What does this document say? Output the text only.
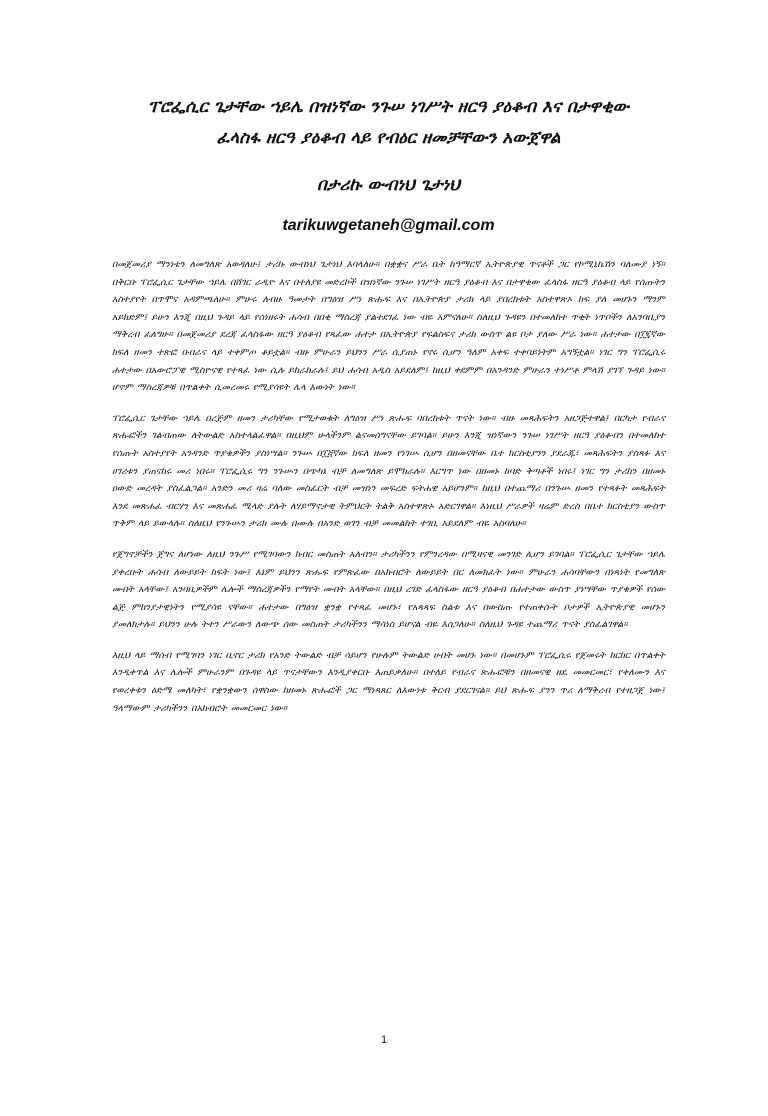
ፐሮፌሲር ጌታቸው ኀይሌ በዝነኛው ንጉሠ ነገሥት ዘርዓ ያዕቆብ እና በታዋቂው
ፈላስፋ ዘርዓ ያዕቆብ ላይ የብዕር ዘመቻቸውን አውጀዋል
በታሪኩ ውብነህ ጌታነህ
tarikuwgetaneh@gmail.com

በመጀመሪያ ማንነቴን ለመግለጽ አወዳለሁ፤ ታሪኩ ውብነህ ጌታነህ እባላለሁ። በቋቋና ሥራ ቤት ከዓማርኛ ኢትዮጵያዊ ጥናቶች ጋር የኮሚኒኬሽን ባለሙያ ነኝ። በቅርቡ ፐሮፌሲር ጌታቸው ኀይሌ በሸገር ራዲዮ እና በተለያዩ መድረኮች በዝነኛው ንጉሠ ነገሥት ዘርዓ ያዕቆብ እና በታዋቂው ፈላስፋ ዘርዓ ያዕቆብ ላይ የሰጡትን አስተያየት በጥሞና አዳምጫለሁ። ምሁሩ ለብዙ ዓመታት በግዕዝ ሥነ ጽሑፍ እና በኢትዮጵያ ታሪክ ላይ ያበረከቱት አስተዋጽኦ ከፍ ያለ መሆኑን ማንም አይክድም፤ ይሁን እንጂ በዚህ ጉዳይ ላይ የሰነዘሩት ሐሳብ በበቂ ማስረጃ ያልተደገፈ ነው ብዬ አምናለሁ። ስለዚህ ጉዳዩን በተመለከተ ጥቂት ነጥቦችን ለአንባቢያን ማቅረብ ፈለግሁ። በመጀመሪያ ደረጃ ፈላስፋው ዘርዓ ያዕቆብ የጻፈው ሐተታ በኢትዮጵያ የፍልስፍና ታሪክ ውስጥ ልዩ ቦታ ያለው ሥራ ነው። ሐተታው በ፲፯ኛው ክፍለ ዘመን ተጽፎ በብራና ላይ ተቀምጦ ቆይቷል። ብዙ ምሁራን ይህንን ሥራ ሲያጠኑ የኖሩ ሲሆን ዓለም አቀፍ ተቀባይነትም አግኝቷል። ነገር ግን ፐሮፌሲሩ ሐተታው በአውሮፓዊ ሚስዮናዊ የተጻፈ ነው ሲሉ ይከራከራሉ፤ ይህ ሐሳብ አዲስ አይደለም፤ ከዚህ ቀደምም በአንዳንድ ምሁራን ተነሥቶ ምላሽ ያገኘ ጉዳይ ነው። ሆኖም ማስረጃዎቹ በጥልቀት ሲመረመሩ የሚያሳዩት ሌላ እውነት ነው።

ፐሮፌሲር ጌታቸው ኀይሌ በረጅም ዘመን ታሪካቸው የሚታወቁት ለግዕዝ ሥነ ጽሑፍ ባበረከቱት ጥናት ነው። ብዙ መጻሕፍትን አዘጋጅተዋል፤ በርካታ የብራና ጽሑፎችን ገልብጠው ለትውልድ አስተላልፈዋል። በዚህም ሁላችንም ልናመሰግናቸው ይገባል። ይሁን እንጂ ዝነኛውን ንጉሠ ነገሥት ዘርዓ ያዕቆብን በተመለከተ የሰጡት አስተያየት አንዳንድ ጥያቄዎችን ያስነሣል። ንጉሡ በ፲፭ኛው ክፍለ ዘመን የነገሡ ሲሆን በዘመናቸው ቤተ ክርስቲያንን ያደራጁ፣ መጻሕፍትን ያስጻፉ እና ሀገሪቱን ያጠናከሩ መሪ ነበሩ። ፐሮፌሲሩ ግን ንጉሡን በጭካኔ ብቻ ለመግለጽ ይሞክራሉ። እርግጥ ነው በዘመኑ ከባድ ቅጣቶች ነበሩ፤ ነገር ግን ታሪክን በዘመኑ ዐውድ መረዳት ያስፈልጋል። አንድን መሪ ዛሬ ባለው መስፈርት ብቻ መዝነን መፍረድ ፍትሐዊ አይሆንም። ከዚህ በተጨማሪ በንጉሡ ዘመን የተጻፉት መጻሕፍት እንደ መጽሐፈ ብርሃን እና መጽሐፈ ሚላድ ያሉት ለሃይማኖታዊ ትምህርት ትልቅ አስተዋጽኦ አድርገዋል። እነዚህ ሥራዎች ዛሬም ድረስ በቤተ ክርስቲያን ውስጥ ጥቅም ላይ ይውላሉ። ስለዚህ የንጉሡን ታሪክ ሙሉ በሙሉ በአንድ ወገን ብቻ መመልከት ተገቢ አይደለም ብዬ አስባለሁ።

የጀግኖቻችን ጀግና ለሆነው ለዚህ ንጉሥ የሚገባውን ክብር መስጠት አለብን። ታሪካችንን የምንረዳው በሚዛናዊ መንገድ ሊሆን ይገባል። ፐሮፌሲር ጌታቸው ኀይሌ ያቀረቡት ሐሳብ ለውይይት ክፍት ነው፤ እኔም ይህንን ጽሑፍ የምጽፈው በአክብሮት ለውይይት በር ለመክፈት ነው። ምሁራን ሐሳባቸውን በነጻነት የመግለጽ መብት አላቸው፤ አንባቢዎችም ሌሎች ማስረጃዎችን የማየት መብት አላቸው። በዚህ ረገድ ፈላስፋው ዘርዓ ያዕቆብ በሐተታው ውስጥ ያነሣቸው ጥያቄዎች የሰው ልጅ ምክንያታዊነትን የሚያሳዩ ናቸው። ሐተታው በግዕዝ ቋንቋ የተጻፈ መሆኑ፣ የአጻጻፍ ስልቱ እና በውስጡ የተጠቀሱት ቦታዎች ኢትዮጵያዊ መሆኑን ያመለክታሉ። ይህንን ሁሉ ትተን ሥራውን ለውጭ ሰው መስጠት ታሪካችንን ማሳነስ ይሆናል ብዬ እሰጋለሁ። ስለዚህ ጉዳዩ ተጨማሪ ጥናት ያስፈልገዋል።

እዚህ ላይ ማሰብ የሚገባን ነገር ቢኖር ታሪክ የአንድ ትውልድ ብቻ ሳይሆን የሁሉም ትውልድ ሀብት መሆኑ ነው። በመሆኑም ፐሮፌሲሩ የጀመሩት ክርክር በጥልቀት እንዲቀጥል እና ሌሎች ምሁራንም በጉዳዩ ላይ ጥናታቸውን እንዲያቀርቡ እጠይቃለሁ። በተለይ የብራና ጽሑፎቹን በዘመናዊ ዘዴ መመርመር፣ የቀለሙን እና የወረቀቱን ዕድሜ መለካት፣ የቋንቋውን ሰዋስው ከዘመኑ ጽሑፎች ጋር ማነጻጸር ለእውነቱ ቅርብ ያደርገናል። ይህ ጽሑፍ ያንን ጥሪ ለማቅረብ የተዘጋጀ ነው፤ ዓላማውም ታሪካችንን በአክብሮት መመርመር ነው።

1
